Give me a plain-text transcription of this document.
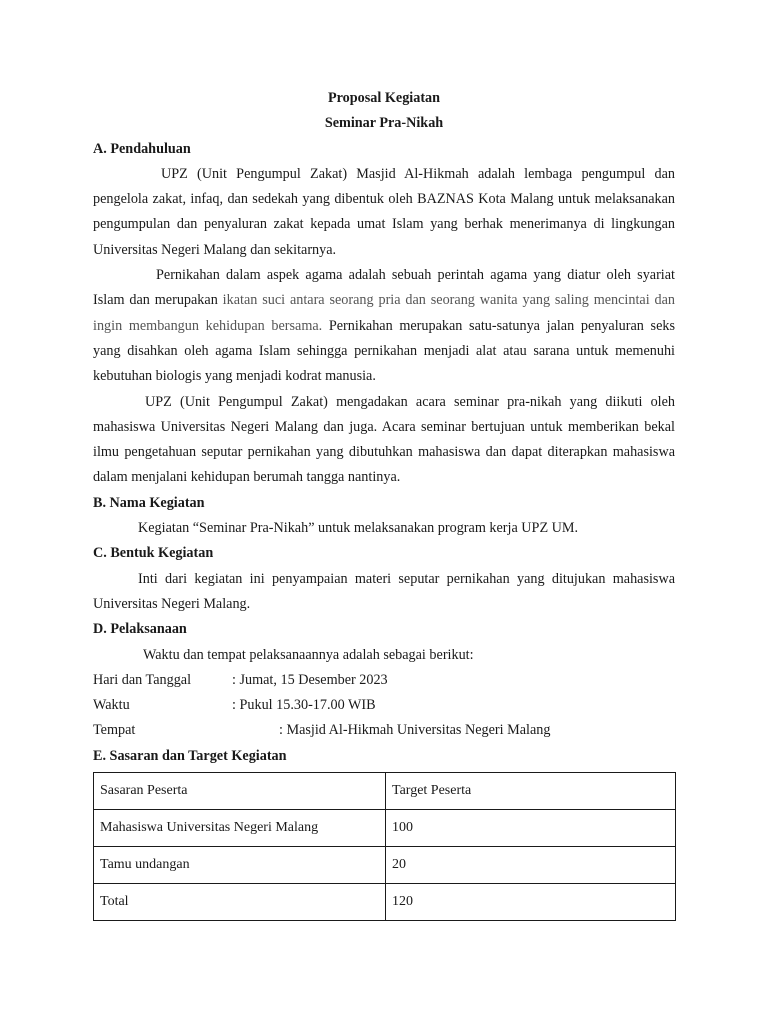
Proposal Kegiatan
Seminar Pra-Nikah
A. Pendahuluan
UPZ (Unit Pengumpul Zakat) Masjid Al-Hikmah adalah lembaga pengumpul dan pengelola zakat, infaq, dan sedekah yang dibentuk oleh BAZNAS Kota Malang untuk melaksanakan pengumpulan dan penyaluran zakat kepada umat Islam yang berhak menerimanya di lingkungan Universitas Negeri Malang dan sekitarnya.
Pernikahan dalam aspek agama adalah sebuah perintah agama yang diatur oleh syariat Islam dan merupakan ikatan suci antara seorang pria dan seorang wanita yang saling mencintai dan ingin membangun kehidupan bersama. Pernikahan merupakan satu-satunya jalan penyaluran seks yang disahkan oleh agama Islam sehingga pernikahan menjadi alat atau sarana untuk memenuhi kebutuhan biologis yang menjadi kodrat manusia.
UPZ (Unit Pengumpul Zakat) mengadakan acara seminar pra-nikah yang diikuti oleh mahasiswa Universitas Negeri Malang dan juga. Acara seminar bertujuan untuk memberikan bekal ilmu pengetahuan seputar pernikahan yang dibutuhkan mahasiswa dan dapat diterapkan mahasiswa dalam menjalani kehidupan berumah tangga nantinya.
B. Nama Kegiatan
Kegiatan “Seminar Pra-Nikah” untuk melaksanakan program kerja UPZ UM.
C. Bentuk Kegiatan
Inti dari kegiatan ini penyampaian materi seputar pernikahan yang ditujukan mahasiswa Universitas Negeri Malang.
D. Pelaksanaan
Waktu dan tempat pelaksanaannya adalah sebagai berikut:
Hari dan Tanggal	: Jumat, 15 Desember 2023
Waktu	: Pukul 15.30-17.00 WIB
Tempat	: Masjid Al-Hikmah Universitas Negeri Malang
E. Sasaran dan Target Kegiatan
Sasaran Peserta	Target Peserta
Mahasiswa Universitas Negeri Malang	100
Tamu undangan	20
Total	120
